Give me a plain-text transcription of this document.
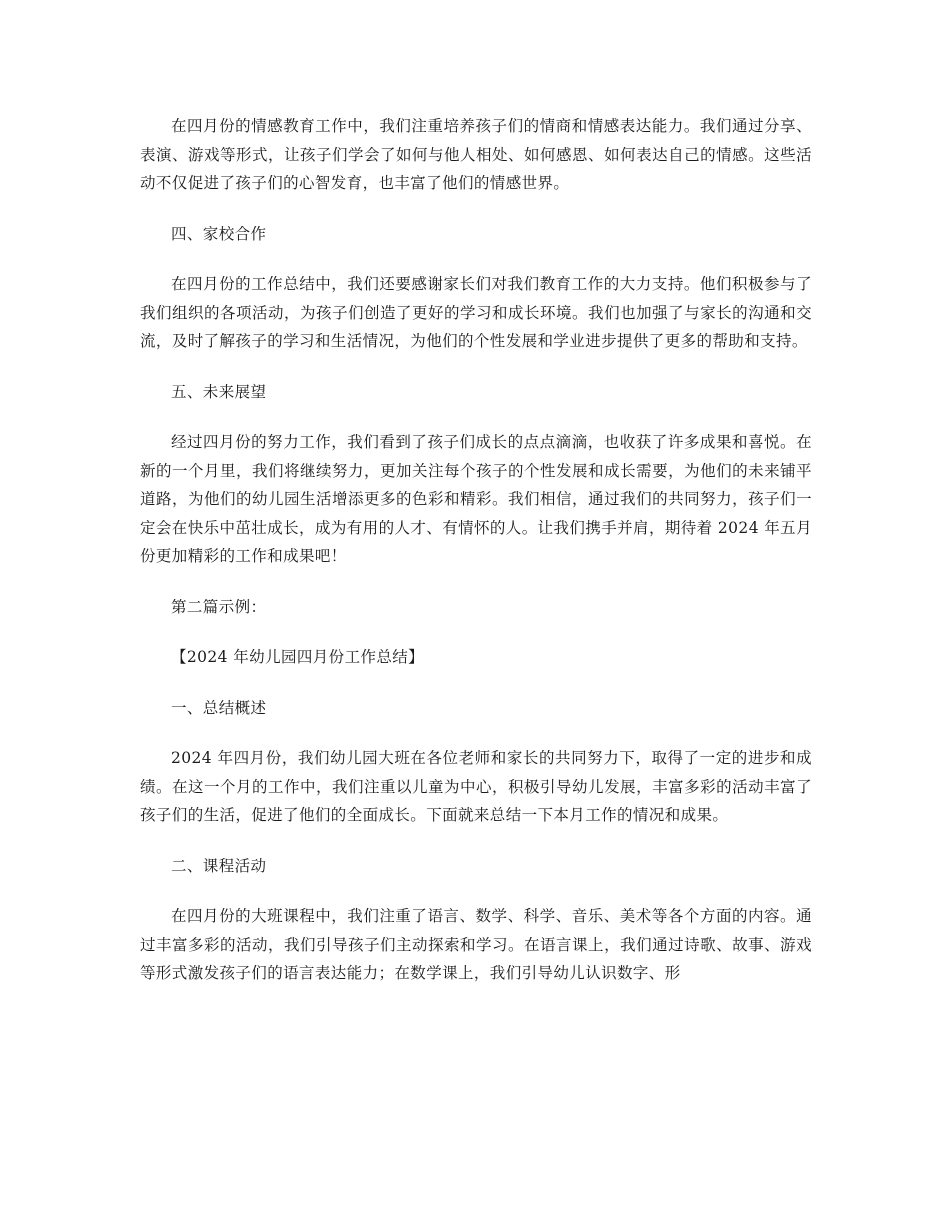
在四月份的情感教育工作中，我们注重培养孩子们的情商和情感表达能力。我们通过分享、表演、游戏等形式，让孩子们学会了如何与他人相处、如何感恩、如何表达自己的情感。这些活动不仅促进了孩子们的心智发育，也丰富了他们的情感世界。

四、家校合作

在四月份的工作总结中，我们还要感谢家长们对我们教育工作的大力支持。他们积极参与了我们组织的各项活动，为孩子们创造了更好的学习和成长环境。我们也加强了与家长的沟通和交流，及时了解孩子的学习和生活情况，为他们的个性发展和学业进步提供了更多的帮助和支持。

五、未来展望

经过四月份的努力工作，我们看到了孩子们成长的点点滴滴，也收获了许多成果和喜悦。在新的一个月里，我们将继续努力，更加关注每个孩子的个性发展和成长需要，为他们的未来铺平道路，为他们的幼儿园生活增添更多的色彩和精彩。我们相信，通过我们的共同努力，孩子们一定会在快乐中茁壮成长，成为有用的人才、有情怀的人。让我们携手并肩，期待着 2024 年五月份更加精彩的工作和成果吧！

第二篇示例：

【2024 年幼儿园四月份工作总结】

一、总结概述

2024 年四月份，我们幼儿园大班在各位老师和家长的共同努力下，取得了一定的进步和成绩。在这一个月的工作中，我们注重以儿童为中心，积极引导幼儿发展，丰富多彩的活动丰富了孩子们的生活，促进了他们的全面成长。下面就来总结一下本月工作的情况和成果。

二、课程活动

在四月份的大班课程中，我们注重了语言、数学、科学、音乐、美术等各个方面的内容。通过丰富多彩的活动，我们引导孩子们主动探索和学习。在语言课上，我们通过诗歌、故事、游戏等形式激发孩子们的语言表达能力；在数学课上，我们引导幼儿认识数字、形
